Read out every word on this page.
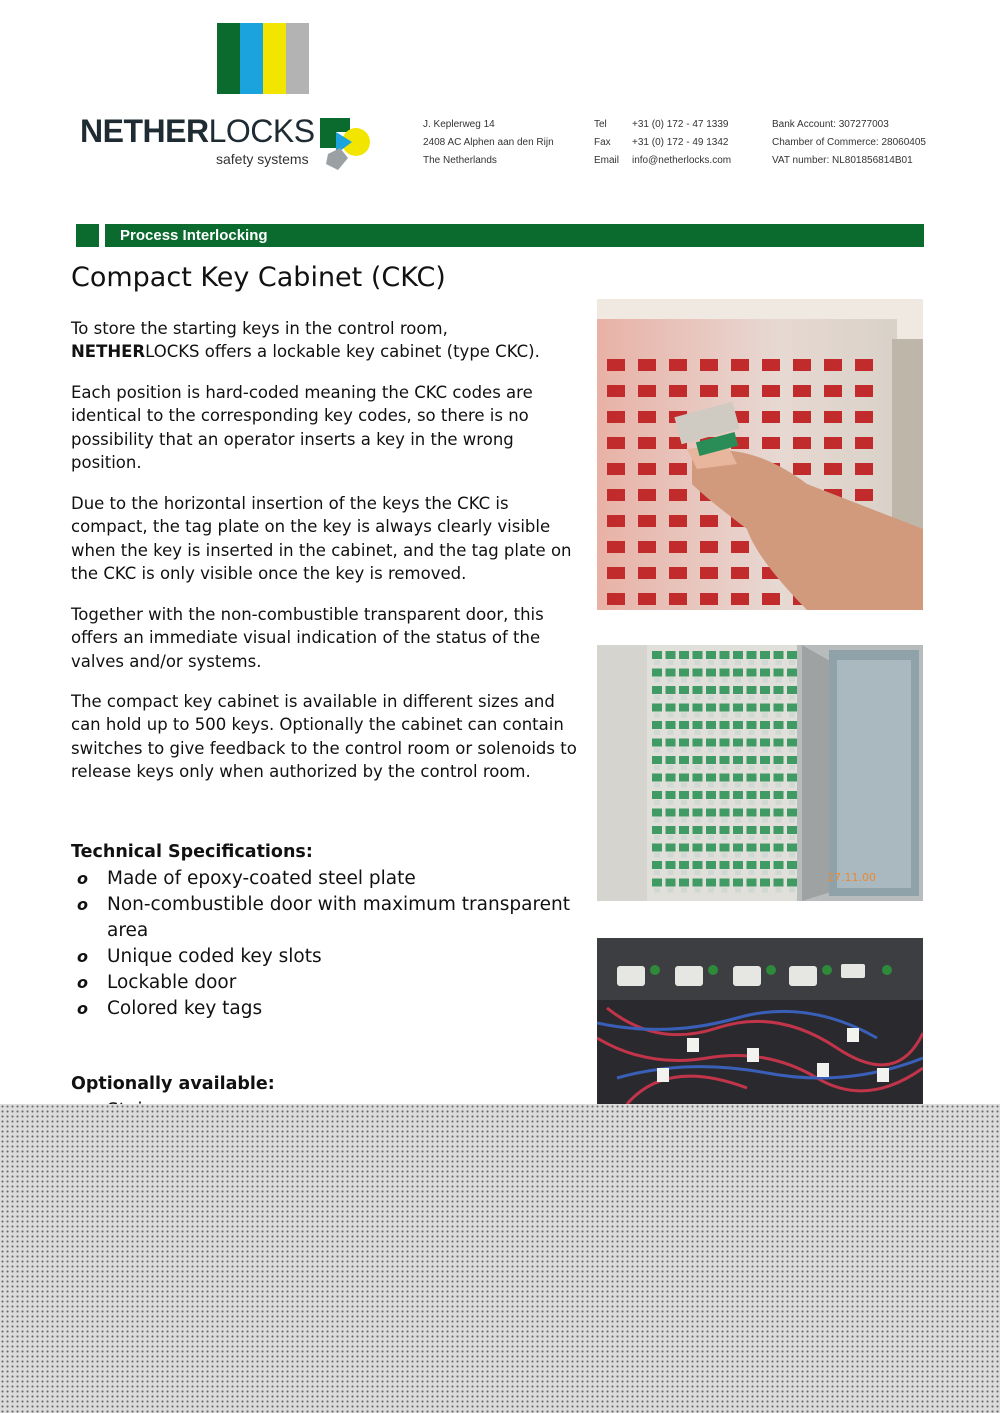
NETHERLOCKS
safety systems
J. Keplerweg 14
2408 AC Alphen aan den Rijn
The Netherlands
Tel
Fax
Email
+31 (0) 172 - 47 1339
+31 (0) 172 - 49 1342
info@netherlocks.com
Bank Account: 307277003
Chamber of Commerce: 28060405
VAT number: NL801856814B01
Process Interlocking
Compact Key Cabinet (CKC)

To store the starting keys in the control room,
NETHERLOCKS offers a lockable key cabinet (type CKC).

Each position is hard-coded meaning the CKC codes are identical to the corresponding key codes, so there is no possibility that an operator inserts a key in the wrong position.

Due to the horizontal insertion of the keys the CKC is compact, the tag plate on the key is always clearly visible when the key is inserted in the cabinet, and the tag plate on the CKC is only visible once the key is removed.

Together with the non-combustible transparent door, this offers an immediate visual indication of the status of the valves and/or systems.

The compact key cabinet is available in different sizes and can hold up to 500 keys. Optionally the cabinet can contain switches to give feedback to the control room or solenoids to release keys only when authorized by the control room.

Technical Specifications:
o Made of epoxy-coated steel plate
o Non-combustible door with maximum transparent area
o Unique coded key slots
o Lockable door
o Colored key tags
Optionally available:
27.11.00
